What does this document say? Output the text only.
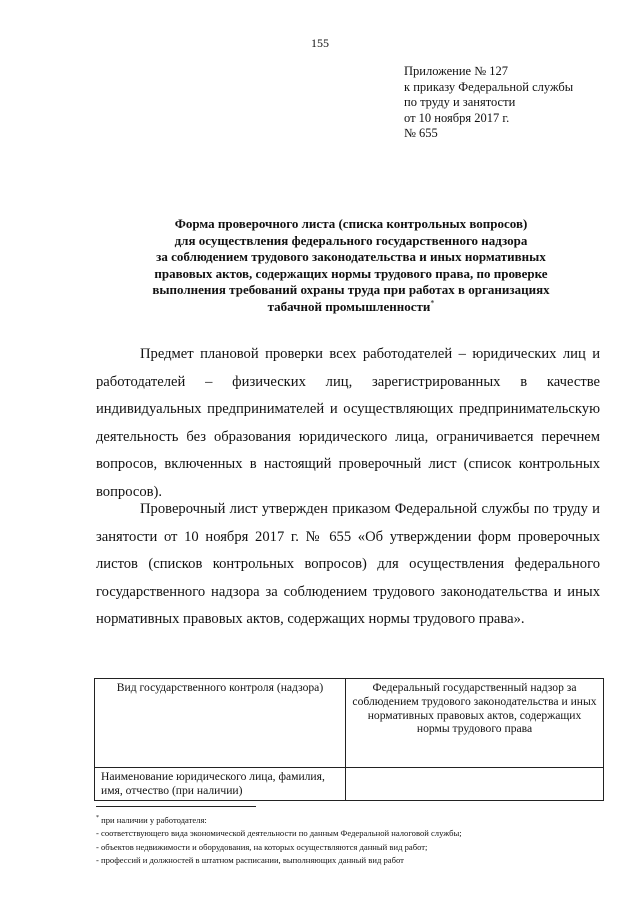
155
Приложение № 127
к приказу Федеральной службы
по труду и занятости
от 10 ноября 2017 г.
№ 655
Форма проверочного листа (списка контрольных вопросов)
для осуществления федерального государственного надзора
за соблюдением трудового законодательства и иных нормативных
правовых актов, содержащих нормы трудового права, по проверке
выполнения требований охраны труда при работах в организациях
табачной промышленности*

Предмет плановой проверки всех работодателей – юридических лиц и работодателей – физических лиц, зарегистрированных в качестве индивидуальных предпринимателей и осуществляющих предпринимательскую деятельность без образования юридического лица, ограничивается перечнем вопросов, включенных в настоящий проверочный лист (список контрольных вопросов).

Проверочный лист утвержден приказом Федеральной службы по труду и занятости от 10 ноября 2017 г. № 655 «Об утверждении форм проверочных листов (списков контрольных вопросов) для осуществления федерального государственного надзора за соблюдением трудового законодательства и иных нормативных правовых актов, содержащих нормы трудового права».

Вид государственного контроля (надзора)	Федеральный государственный надзор за соблюдением трудового законодательства и иных нормативных правовых актов, содержащих нормы трудового права
Наименование юридического лица, фамилия, имя, отчество (при наличии)	
* при наличии у работодателя:
- соответствующего вида экономической деятельности по данным Федеральной налоговой службы;
- объектов недвижимости и оборудования, на которых осуществляются данный вид работ;
- профессий и должностей в штатном расписании, выполняющих данный вид работ
